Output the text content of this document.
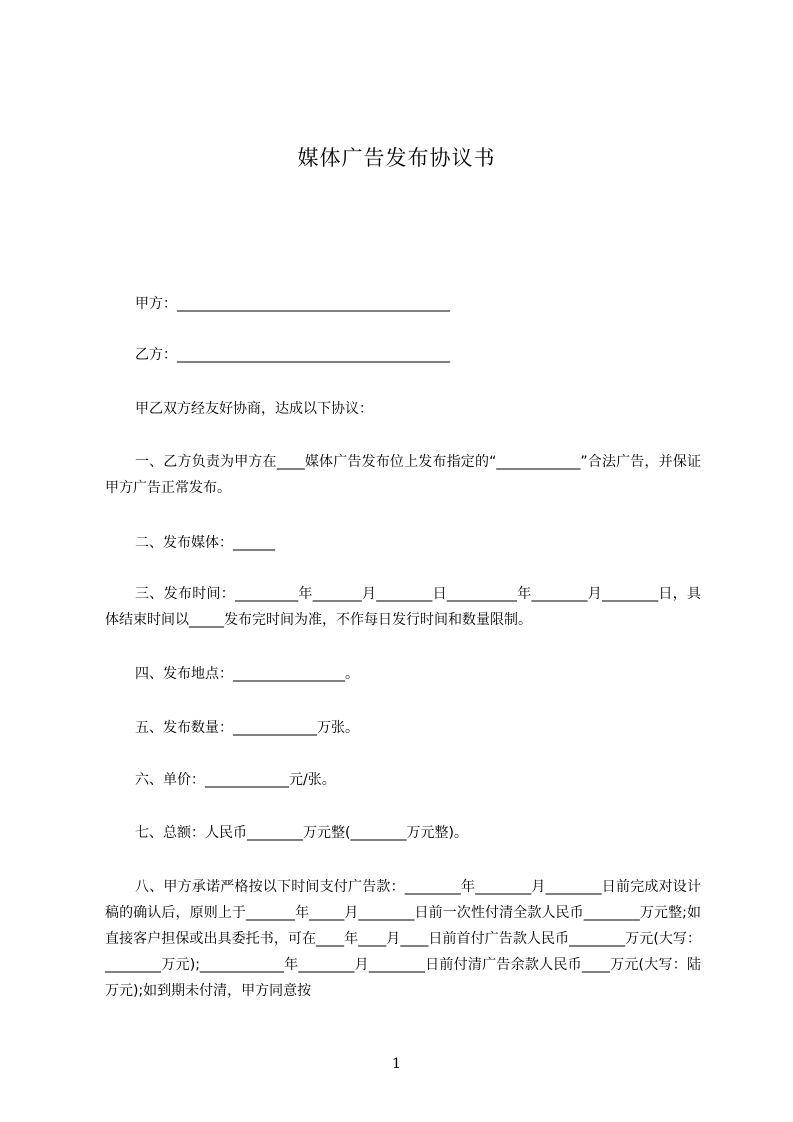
媒体广告发布协议书
甲方：_______________________________________
乙方：_______________________________________
甲乙双方经友好协商，达成以下协议：
一、乙方负责为甲方在____媒体广告发布位上发布指定的“____________”合法广告，并保证甲方广告正常发布。
二、发布媒体：______
三、发布时间：_________年_______月________日__________年________月________日，具体结束时间以_____发布完时间为准，不作每日发行时间和数量限制。
四、发布地点：________________。
五、发布数量：____________万张。
六、单价：____________元/张。
七、总额：人民币________万元整(________万元整)。
八、甲方承诺严格按以下时间支付广告款：________年________月________日前完成对设计稿的确认后，原则上于_______年_____月________日前一次性付清全款人民币________万元整;如直接客户担保或出具委托书，可在____年____月____日前首付广告款人民币________万元(大写：________万元);____________年________月________日前付清广告余款人民币____万元(大写：陆万元);如到期未付清，甲方同意按
1
